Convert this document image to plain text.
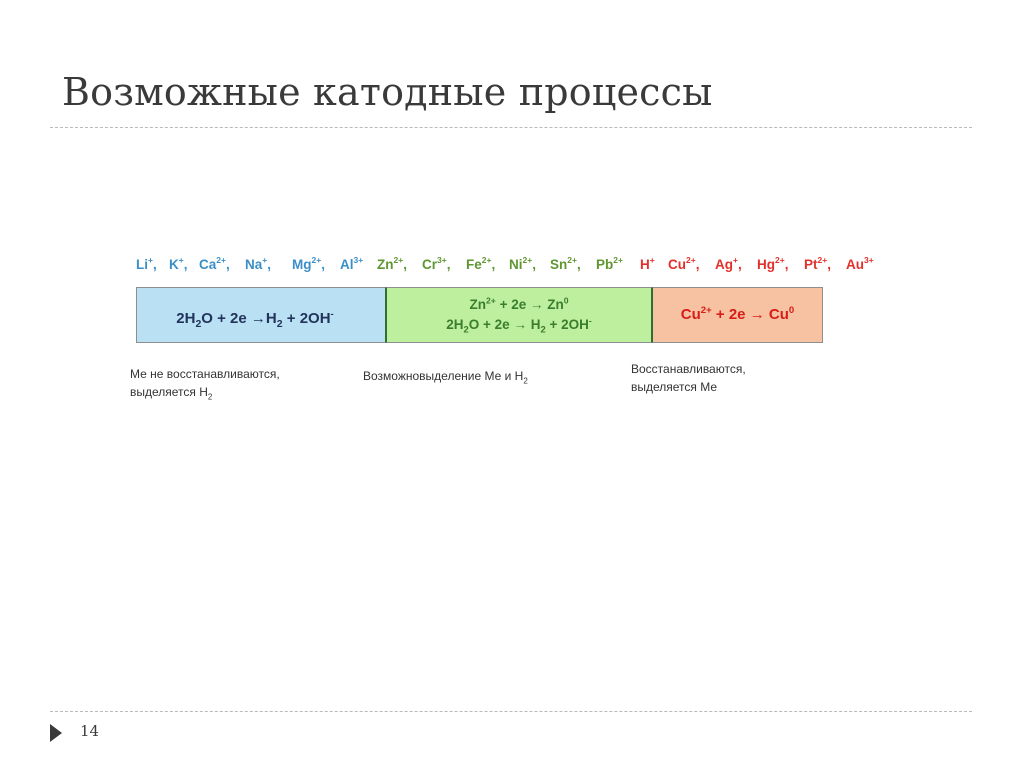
Возможные катодные процессы
Li+, K+, $Ca^{2+}$, Na+, $Mg^{2+}$, $Al^{3+}$ $Zn^{2+}$, $Cr^{3+}$, $Fe^{2+}$, $Ni^{2+}$, $Sn^{2+}$, $Pb^{2+}$ H+ $Cu^{2+}$, Ag+, $Hg^{2+}$, $Pt^{2+}$, $Au^{3+}$
$2H_2O + 2e \to H_2 + 2OH^-$
$Zn^{2+} + 2e \to Zn^0$
$2H_2O + 2e \to H_2 + 2OH^-$	$Cu^{2+} + 2e \to Cu^0$
Ме не восстанавливаются,
выделяется $Н_2$
Возможновыделение Ме и $Н_2$
Восстанавливаются,
выделяется Ме
14
